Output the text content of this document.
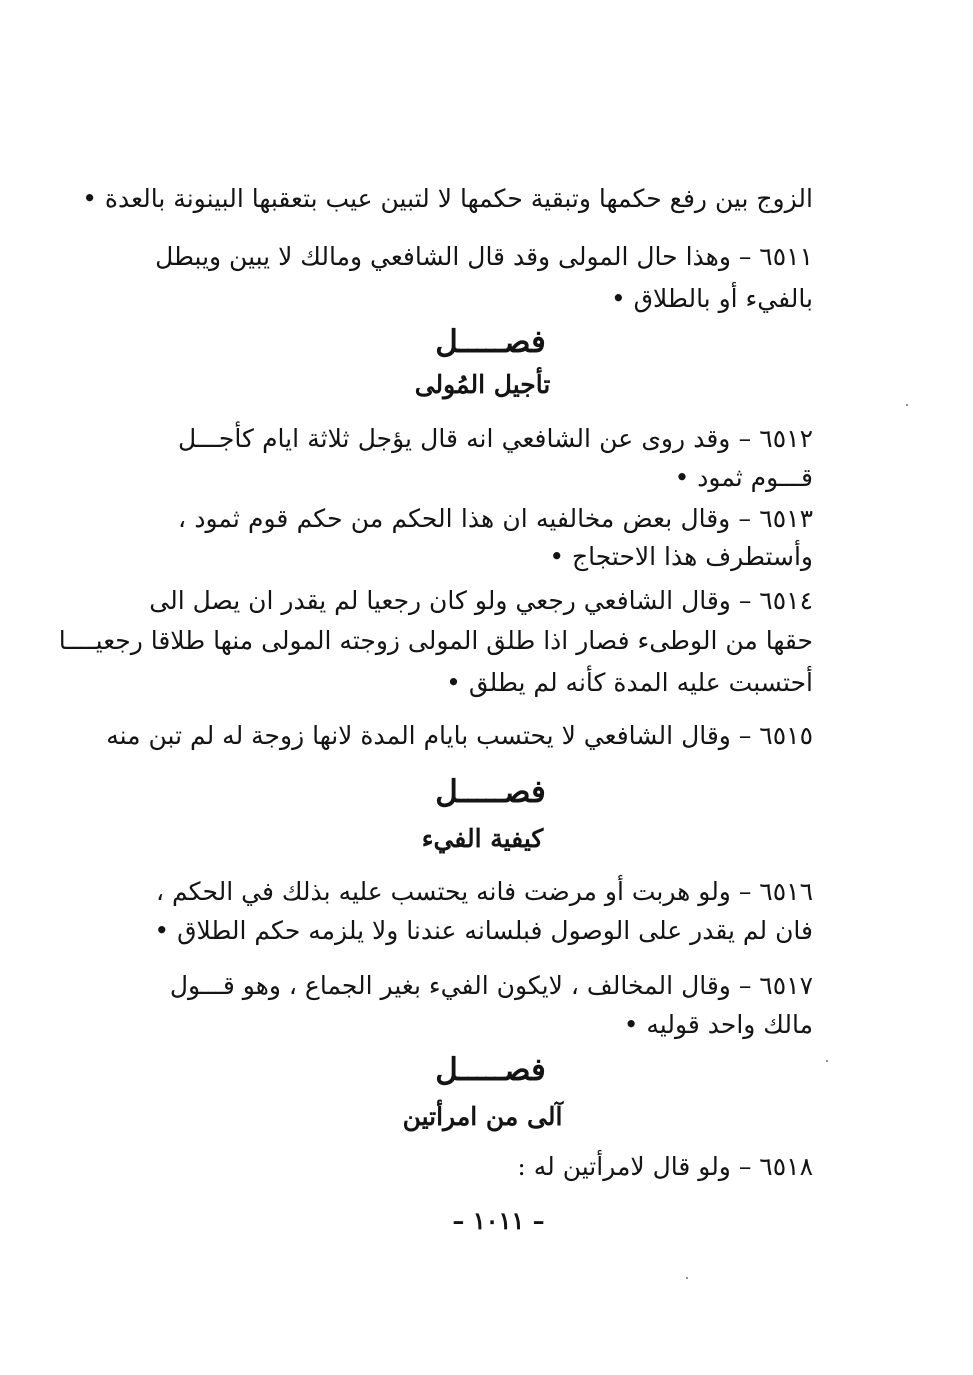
الزوج بين رفع حكمها وتبقية حكمها لا لتبين عيب بتعقبها البينونة بالعدة •
٦٥١١ – وهذا حال المولى وقد قال الشافعي ومالك لا يبين ويبطل
بالفيء أو بالطلاق •
فصـــــل
تأجيل المُولى
٦٥١٢ – وقد روى عن الشافعي انه قال يؤجل ثلاثة ايام كأجـــل
قـــوم ثمود •
٦٥١٣ – وقال بعض مخالفيه ان هذا الحكم من حكم قوم ثمود ،
وأستطرف هذا الاحتجاج •
٦٥١٤ – وقال الشافعي رجعي ولو كان رجعيا لم يقدر ان يصل الى
حقها من الوطىء فصار اذا طلق المولى زوجته المولى منها طلاقا رجعيــــا
أحتسبت عليه المدة كأنه لم يطلق •
٦٥١٥ – وقال الشافعي لا يحتسب بايام المدة لانها زوجة له لم تبن منه
فصـــــل
كيفية الفيء
٦٥١٦ – ولو هربت أو مرضت فانه يحتسب عليه بذلك في الحكم ،
فان لم يقدر على الوصول فبلسانه عندنا ولا يلزمه حكم الطلاق •
٦٥١٧ – وقال المخالف ، لايكون الفيء بغير الجماع ، وهو قـــول
مالك واحد قوليه •
فصـــــل
آلى من امرأتين
٦٥١٨ – ولو قال لامرأتين له :
– ١٠١١ –
